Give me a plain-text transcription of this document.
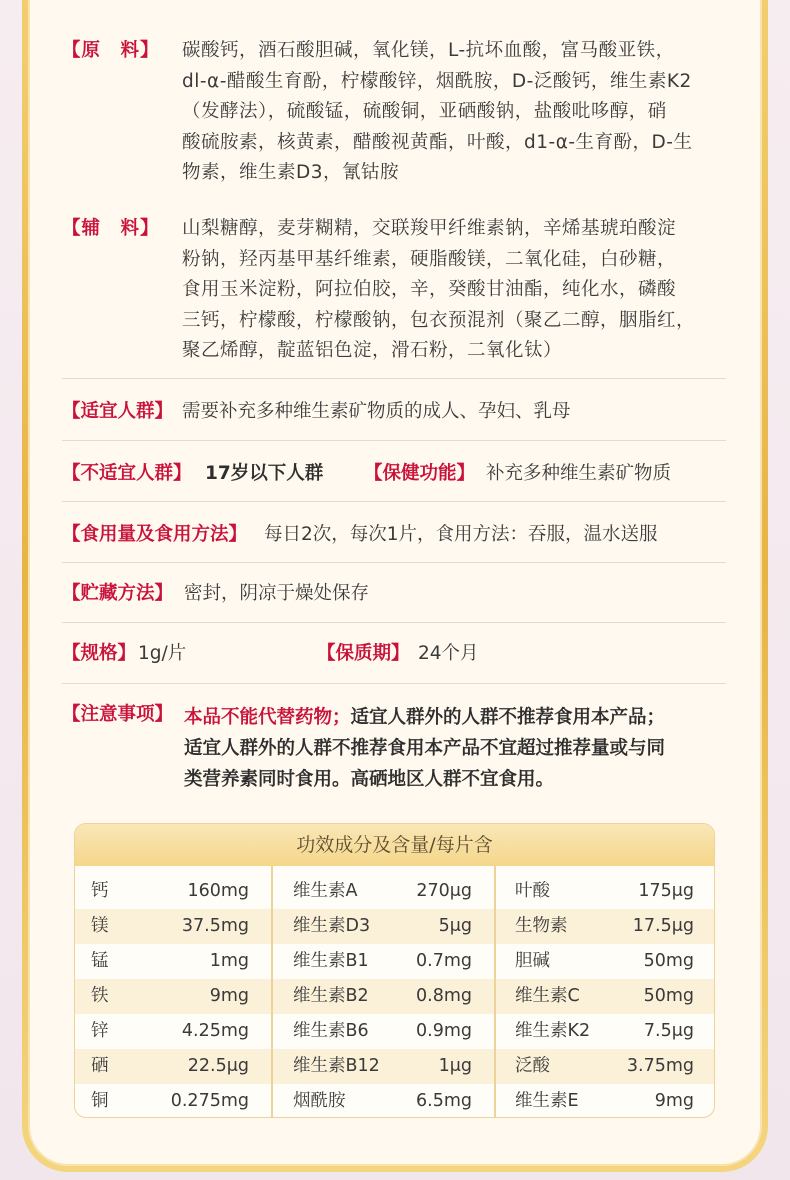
【原　料】 碳酸钙，酒石酸胆碱，氧化镁，L-抗坏血酸，富马酸亚铁，
dl-α-醋酸生育酚，柠檬酸锌，烟酰胺，D-泛酸钙，维生素K2
（发酵法），硫酸锰，硫酸铜，亚硒酸钠，盐酸吡哆醇，硝
酸硫胺素，核黄素，醋酸视黄酯，叶酸，d1-α-生育酚，D-生
物素，维生素D3，氰钴胺
【辅　料】 山梨糖醇，麦芽糊精，交联羧甲纤维素钠，辛烯基琥珀酸淀
粉钠，羟丙基甲基纤维素，硬脂酸镁，二氧化硅，白砂糖，
食用玉米淀粉，阿拉伯胶，辛，癸酸甘油酯，纯化水，磷酸
三钙，柠檬酸，柠檬酸钠，包衣预混剂（聚乙二醇，胭脂红，
聚乙烯醇，靛蓝铝色淀，滑石粉，二氧化钛）
【适宜人群】 需要补充多种维生素矿物质的成人、孕妇、乳母
【不适宜人群】 17岁以下人群 【保健功能】 补充多种维生素矿物质
【食用量及食用方法】 每日2次，每次1片，食用方法：吞服，温水送服
【贮藏方法】 密封，阴凉于燥处保存
【规格】 1g/片	【保质期】 24个月
【注意事项】 本品不能代替药物；适宜人群外的人群不推荐食用本产品；
适宜人群外的人群不推荐食用本产品不宜超过推荐量或与同
类营养素同时食用。高硒地区人群不宜食用。
功效成分及含量/每片含
钙	160mg	维生素A	270μg 叶酸	175μg
镁	37.5mg	维生素D3	5μg 生物素	17.5μg
锰	1mg	维生素B1	0.7mg 胆碱	50mg
铁	9mg	维生素B2	0.8mg 维生素C	50mg
锌	4.25mg	维生素B6	0.9mg 维生素K2	7.5μg
硒	22.5μg	维生素B12	1μg 泛酸	3.75mg
铜	0.275mg	烟酰胺	6.5mg 维生素E	9mg
